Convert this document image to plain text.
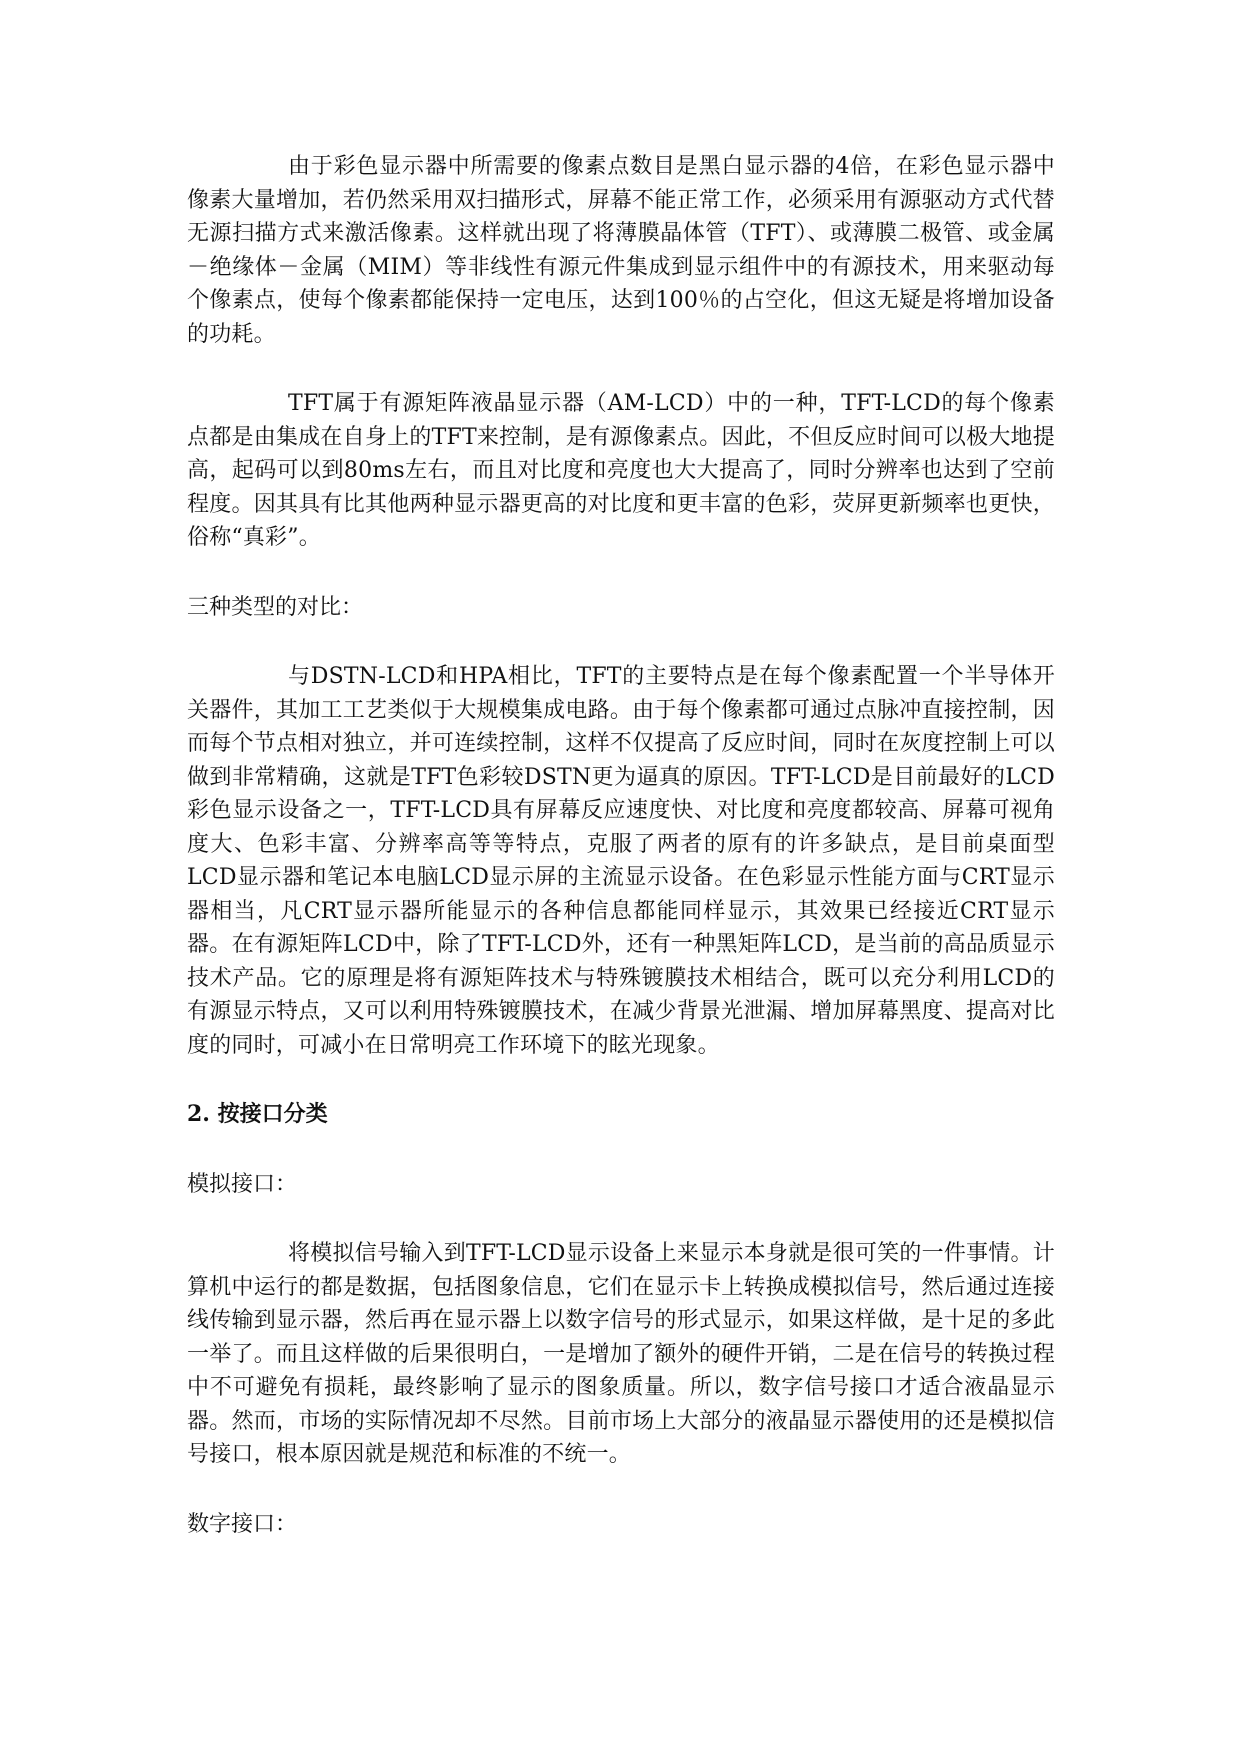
由于彩色显示器中所需要的像素点数目是黑白显示器的4倍，在彩色显示器中像素大量增加，若仍然采用双扫描形式，屏幕不能正常工作，必须采用有源驱动方式代替无源扫描方式来激活像素。这样就出现了将薄膜晶体管（TFT）、或薄膜二极管、或金属－绝缘体－金属（MIM）等非线性有源元件集成到显示组件中的有源技术，用来驱动每个像素点，使每个像素都能保持一定电压，达到100％的占空化，但这无疑是将增加设备的功耗。

TFT属于有源矩阵液晶显示器（AM-LCD）中的一种，TFT-LCD的每个像素点都是由集成在自身上的TFT来控制，是有源像素点。因此，不但反应时间可以极大地提高，起码可以到80ms左右，而且对比度和亮度也大大提高了，同时分辨率也达到了空前程度。因其具有比其他两种显示器更高的对比度和更丰富的色彩，荧屏更新频率也更快，俗称“真彩”。

三种类型的对比：

与DSTN-LCD和HPA相比，TFT的主要特点是在每个像素配置一个半导体开关器件，其加工工艺类似于大规模集成电路。由于每个像素都可通过点脉冲直接控制，因而每个节点相对独立，并可连续控制，这样不仅提高了反应时间，同时在灰度控制上可以做到非常精确，这就是TFT色彩较DSTN更为逼真的原因。TFT-LCD是目前最好的LCD彩色显示设备之一，TFT-LCD具有屏幕反应速度快、对比度和亮度都较高、屏幕可视角度大、色彩丰富、分辨率高等等特点，克服了两者的原有的许多缺点，是目前桌面型LCD显示器和笔记本电脑LCD显示屏的主流显示设备。在色彩显示性能方面与CRT显示器相当，凡CRT显示器所能显示的各种信息都能同样显示，其效果已经接近CRT显示器。在有源矩阵LCD中，除了TFT-LCD外，还有一种黑矩阵LCD，是当前的高品质显示技术产品。它的原理是将有源矩阵技术与特殊镀膜技术相结合，既可以充分利用LCD的有源显示特点，又可以利用特殊镀膜技术，在减少背景光泄漏、增加屏幕黑度、提高对比度的同时，可减小在日常明亮工作环境下的眩光现象。

2. 按接口分类

模拟接口：

将模拟信号输入到TFT-LCD显示设备上来显示本身就是很可笑的一件事情。计算机中运行的都是数据，包括图象信息，它们在显示卡上转换成模拟信号，然后通过连接线传输到显示器，然后再在显示器上以数字信号的形式显示，如果这样做，是十足的多此一举了。而且这样做的后果很明白，一是增加了额外的硬件开销，二是在信号的转换过程中不可避免有损耗，最终影响了显示的图象质量。所以，数字信号接口才适合液晶显示器。然而，市场的实际情况却不尽然。目前市场上大部分的液晶显示器使用的还是模拟信号接口，根本原因就是规范和标准的不统一。

数字接口：
